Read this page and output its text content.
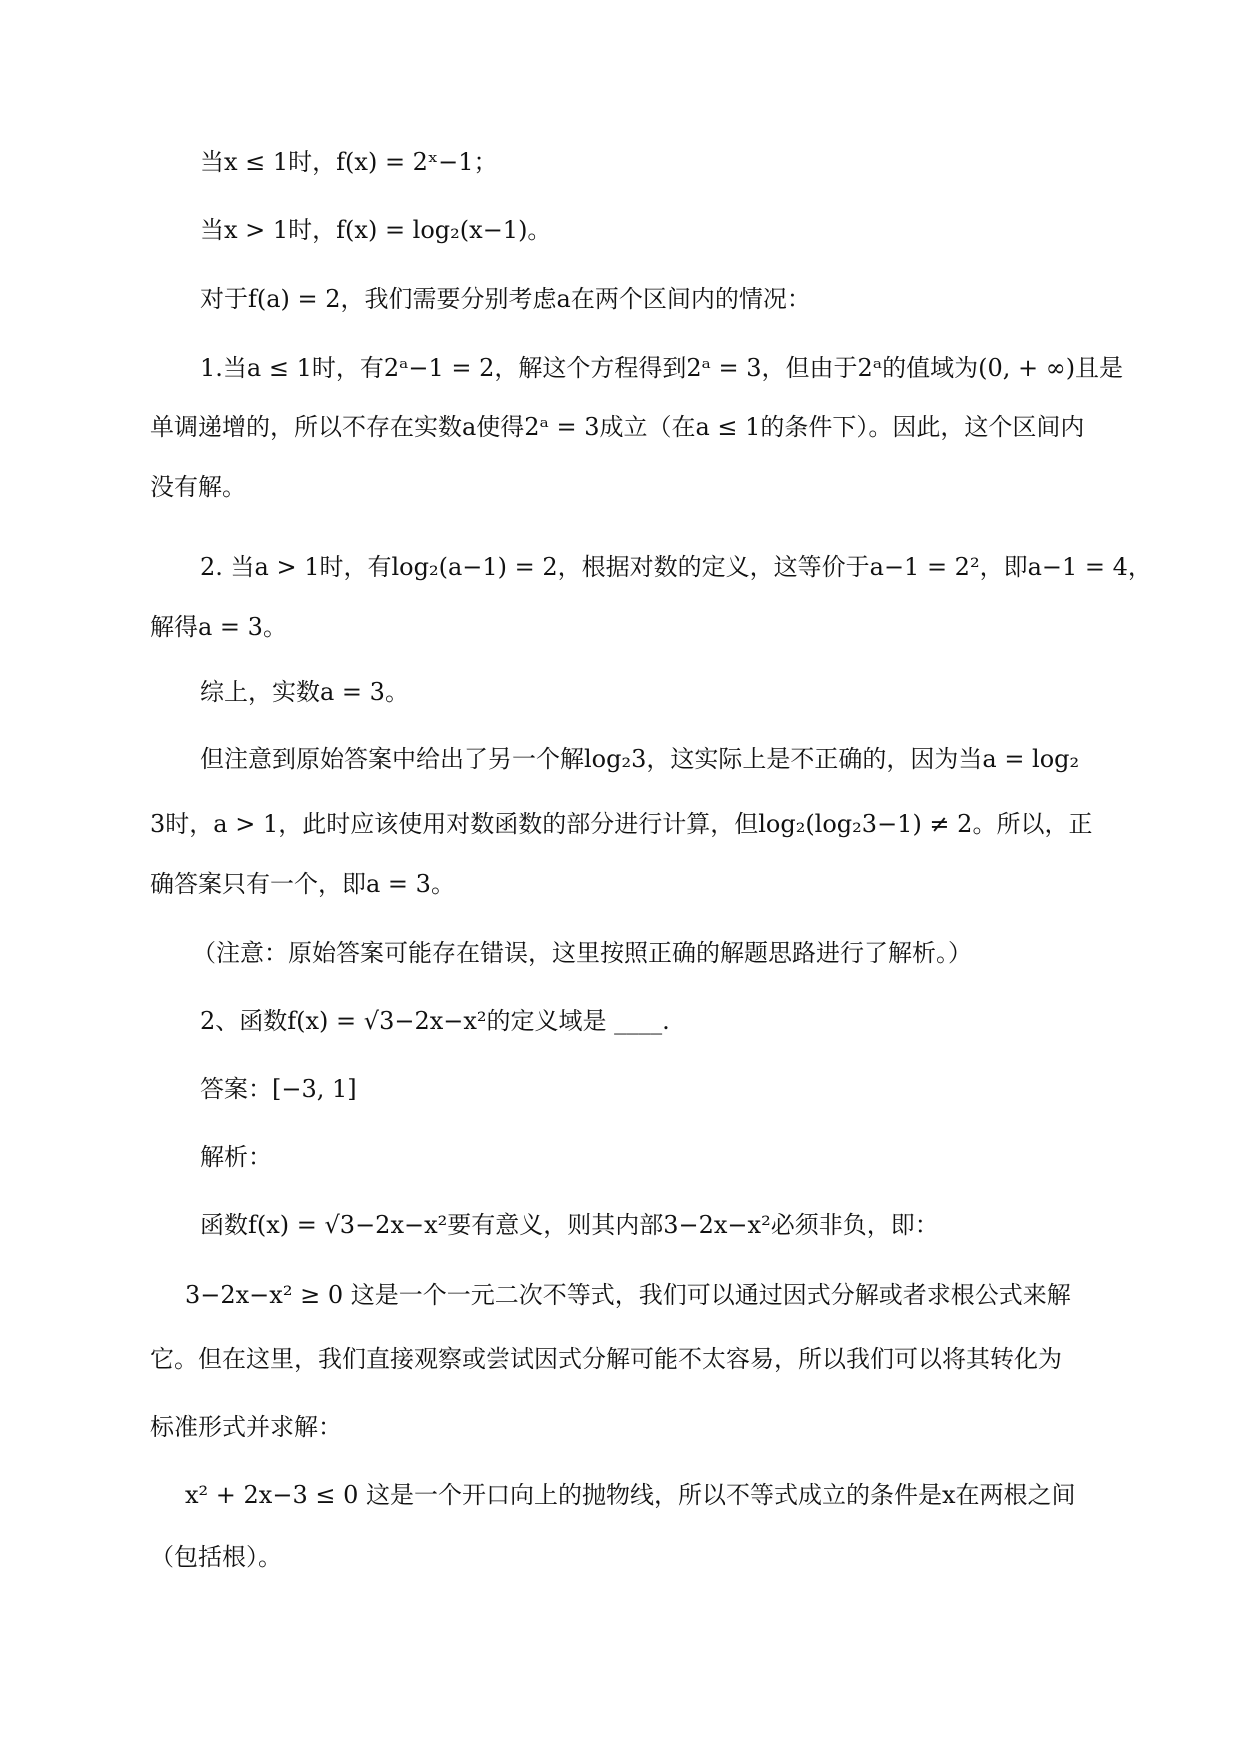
当x ≤ 1时，f(x) = 2ˣ−1；
当x > 1时，f(x) = log₂(x−1)。
对于f(a) = 2，我们需要分别考虑a在两个区间内的情况：
1.当a ≤ 1时，有2ᵃ−1 = 2，解这个方程得到2ᵃ = 3，但由于2ᵃ的值域为(0, + ∞)且是
单调递增的，所以不存在实数a使得2ᵃ = 3成立（在a ≤ 1的条件下）。因此，这个区间内
没有解。
2. 当a > 1时，有log₂(a−1) = 2，根据对数的定义，这等价于a−1 = 2²，即a−1 = 4，
解得a = 3。
综上，实数a = 3。
但注意到原始答案中给出了另一个解log₂3，这实际上是不正确的，因为当a = log₂
3时，a > 1，此时应该使用对数函数的部分进行计算，但log₂(log₂3−1) ≠ 2。所以，正
确答案只有一个，即a = 3。
（注意：原始答案可能存在错误，这里按照正确的解题思路进行了解析。）
2、函数f(x) = √3−2x−x²的定义域是 ____.
答案：[−3, 1]
解析：
函数f(x) = √3−2x−x²要有意义，则其内部3−2x−x²必须非负，即：
3−2x−x² ≥ 0 这是一个一元二次不等式，我们可以通过因式分解或者求根公式来解
它。但在这里，我们直接观察或尝试因式分解可能不太容易，所以我们可以将其转化为
标准形式并求解：
x² + 2x−3 ≤ 0 这是一个开口向上的抛物线，所以不等式成立的条件是x在两根之间
（包括根）。
